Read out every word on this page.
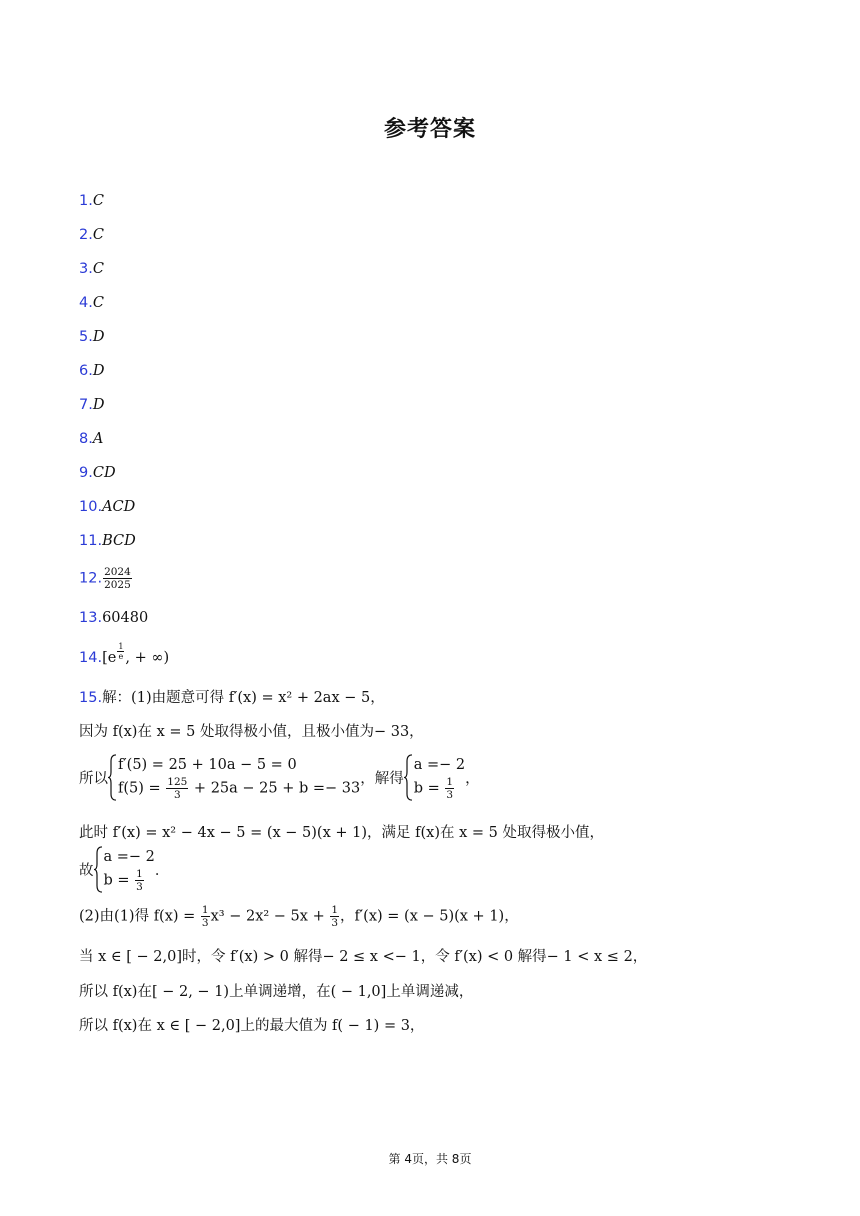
参考答案
1.C
2.C
3.C
4.C
5.D
6.D
7.D
8.A
9.CD
10.ACD
11.BCD
12. $\frac{2024}{2025}$
13.60480
$14.[e \frac{1}{e}$ , + ∞)
15.解：(1)由题意可得 f′(x) = x² + 2ax − 5，
因为 f(x)在 x = 5 处取得极小值，且极小值为− 33，
所以
f′(5) = 25 + 10a − 5 = 0
$f(5) = \frac{125}{3} + 25a - 25 + b =- 33$
，解得
a =− 2
$b = \frac{1}{3}$ ，
此时 f′(x) = x² − 4x − 5 = (x − 5)(x + 1)，满足 f(x)在 x = 5 处取得极小值，
故
a =− 2
$b = \frac{1}{3}$ ．
(2)由(1)得 $f(x) = \frac{1}{3} x^3 - 2x^2 - 5x + \frac{1}{3}$ ，f′(x) = (x − 5)(x + 1)，
当 x ∈ [ − 2,0]时，令 f′(x) > 0 解得− 2 ≤ x <− 1，令 f′(x) < 0 解得− 1 < x ≤ 2，
所以 f(x)在[ − 2, − 1)上单调递增，在( − 1,0]上单调递减，
所以 f(x)在 x ∈ [ − 2,0]上的最大值为 f( − 1) = 3，
第 4页，共 8页
